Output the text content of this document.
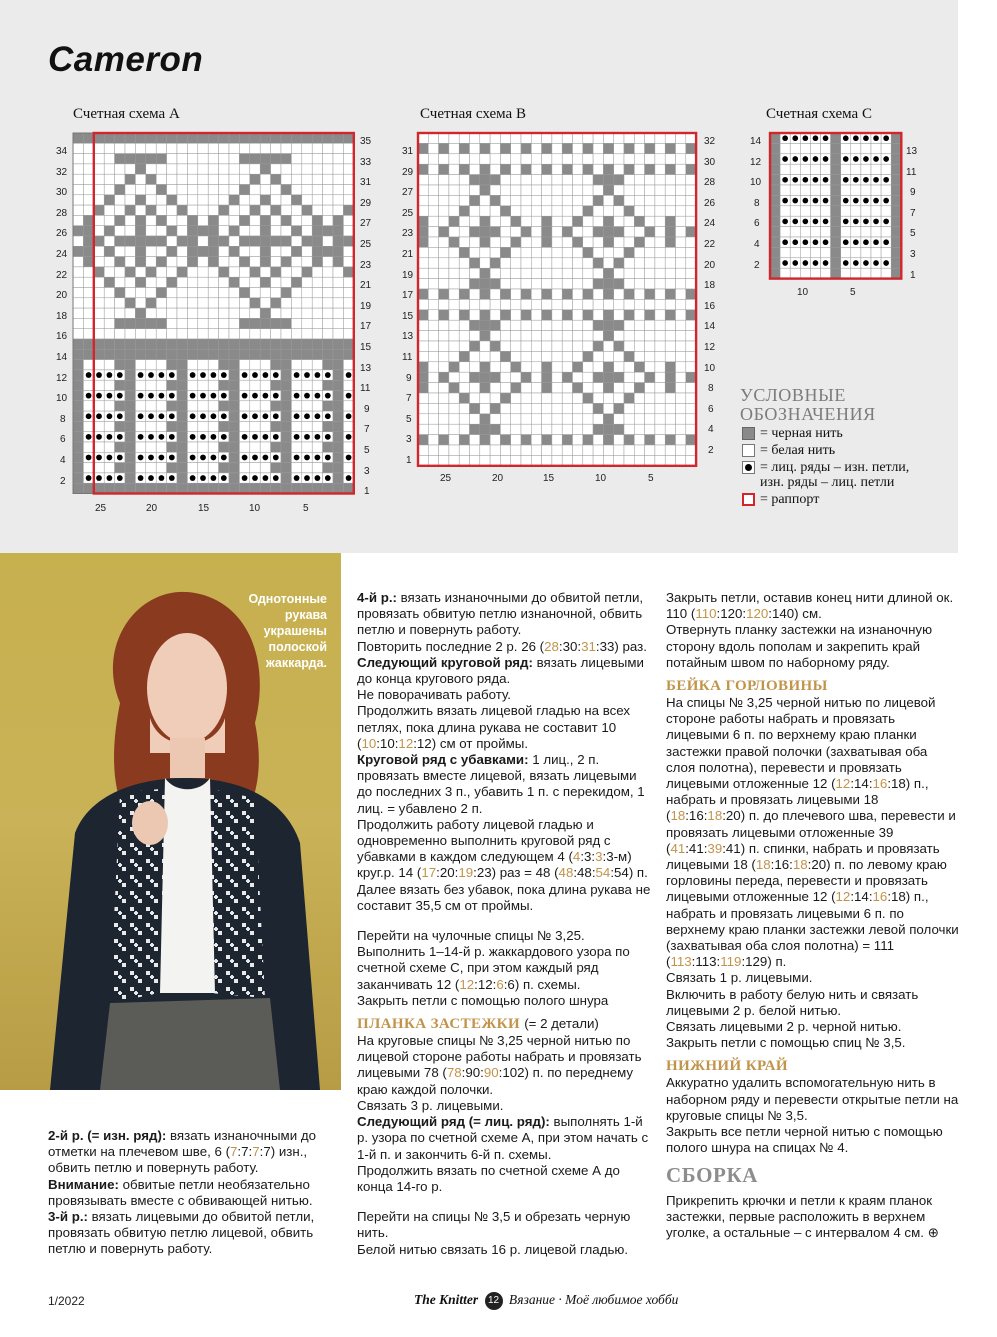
Cameron
Счетная схема А	Счетная схема В	Счетная схема С
34
32
30
28
26
24
22
20
18
16
14
12
10
8
6
4
2
35
33
31
29
27
25
23
21
19
17
15
13
11
9
7
5
3
1
25	20	15	10	5
31
29
27
25
23
21
19
17
15
13
11
9
7
5
3
1
32
30
28
26
24
22
20
18
16
14
12
10
8
6
4
2
25	20	15	10	5
14
12
10
8
6
4
2
13
11
9
7
5
3
1
10	5
УСЛОВНЫЕ
ОБОЗНАЧЕНИЯ
= черная нить
= белая нить
= лиц. ряды – изн. петли,
изн. ряды – лиц. петли
= раппорт
Однотонные
рукава
украшены
полоской
жаккарда.

2-й р. (= изн. ряд): вязать изнаночными до отметки на плечевом шве, 6 (7:7:7:7) изн., обвить петлю и повернуть работу.

Внимание: обвитые петли необязательно провязывать вместе с обвивающей нитью.

3-й р.: вязать лицевыми до обвитой петли, провязать обвитую петлю лицевой, обвить петлю и повернуть работу.

4-й р.: вязать изнаночными до обвитой петли, провязать обвитую петлю изнаночной, обвить петлю и повернуть работу.

Повторить последние 2 р. 26 (28:30:31:33) раз.

Следующий круговой ряд: вязать лицевыми до конца кругового ряда.

Не поворачивать работу.

Продолжить вязать лицевой гладью на всех петлях, пока длина рукава не составит 10 (10:10:12:12) см от проймы.

Круговой ряд с убавками: 1 лиц., 2 п. провязать вместе лицевой, вязать лицевыми до последних 3 п., убавить 1 п. с перекидом, 1 лиц. = убавлено 2 п.

Продолжить работу лицевой гладью и одновременно выполнить круговой ряд с убавками в каждом следующем 4 (4:3:3:3-м) круг.р. 14 (17:20:19:23) раз = 48 (48:48:54:54) п.

Далее вязать без убавок, пока длина рукава не составит 35,5 см от проймы.

Перейти на чулочные спицы № 3,25.

Выполнить 1–14-й р. жаккардового узора по счетной схеме С, при этом каждый ряд заканчивать 12 (12:12:6:6) п. схемы.

Закрыть петли с помощью полого шнура

ПЛАНКА ЗАСТЕЖКИ (= 2 детали)

На круговые спицы № 3,25 черной нитью по лицевой стороне работы набрать и провязать лицевыми 78 (78:90:90:102) п. по переднему краю каждой полочки.

Связать 3 р. лицевыми.

Следующий ряд (= лиц. ряд): выполнять 1-й р. узора по счетной схеме А, при этом начать с 1-й п. и закончить 6-й п. схемы.

Продолжить вязать по счетной схеме А до конца 14-го р.

Перейти на спицы № 3,5 и обрезать черную нить.

Белой нитью связать 16 р. лицевой гладью.

Закрыть петли, оставив конец нити длиной ок. 110 (110:120:120:140) см.

Отвернуть планку застежки на изнаночную сторону вдоль пополам и закрепить край потайным швом по наборному ряду.

БЕЙКА ГОРЛОВИНЫ

На спицы № 3,25 черной нитью по лицевой стороне работы набрать и провязать лицевыми 6 п. по верхнему краю планки застежки правой полочки (захватывая оба слоя полотна), перевести и провязать лицевыми отложенные 12 (12:14:16:18) п., набрать и провязать лицевыми 18 (18:16:18:20) п. до плечевого шва, перевести и провязать лицевыми отложенные 39 (41:41:39:41) п. спинки, набрать и провязать лицевыми 18 (18:16:18:20) п. по левому краю горловины переда, перевести и провязать лицевыми отложенные 12 (12:14:16:18) п., набрать и провязать лицевыми 6 п. по верхнему краю планки застежки левой полочки (захватывая оба слоя полотна) = 111 (113:113:119:129) п.

Связать 1 р. лицевыми.

Включить в работу белую нить и связать лицевыми 2 р. белой нитью.

Связать лицевыми 2 р. черной нитью.

Закрыть петли с помощью спиц № 3,5.

НИЖНИЙ КРАЙ

Аккуратно удалить вспомогательную нить в наборном ряду и перевести открытые петли на круговые спицы № 3,5.

Закрыть все петли черной нитью с помощью полого шнура на спицах № 4.

СБОРКА

Прикрепить крючки и петли к краям планок застежки, первые расположить в верхнем уголке, а остальные – с интервалом 4 см. ⊕

1/2022	The Knitter 12 Вязание · Моё любимое хобби
